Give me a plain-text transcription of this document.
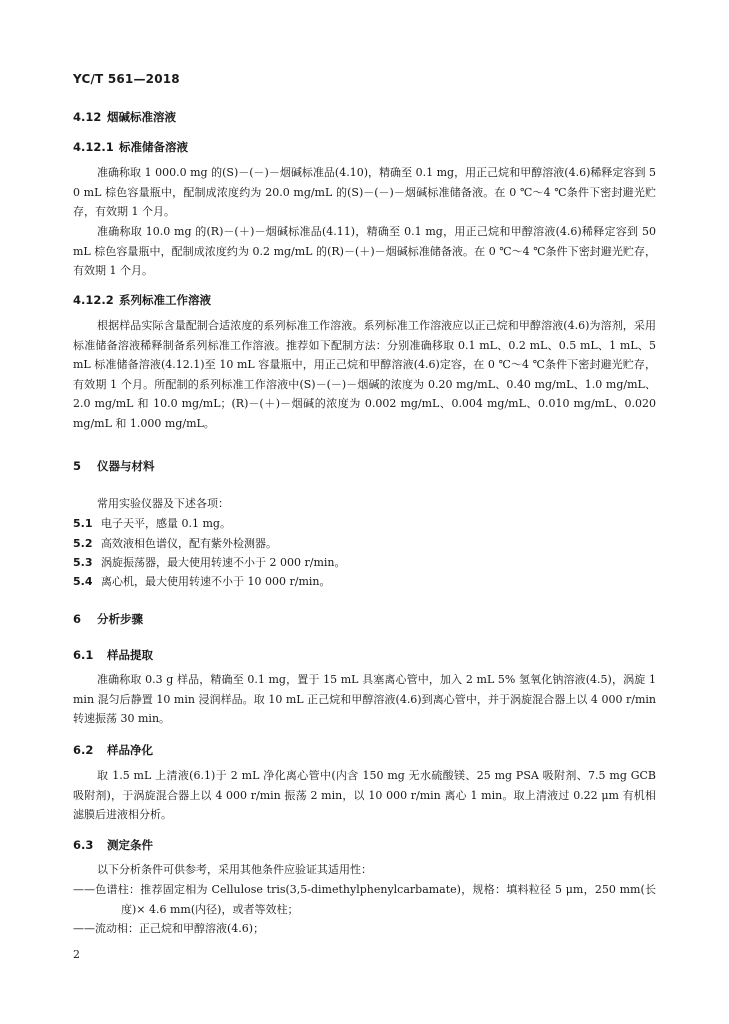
YC/T 561—2018
4.12 烟碱标准溶液
4.12.1 标准储备溶液
准确称取 1 000.0 mg 的(S)－(－)－烟碱标准品(4.10)，精确至 0.1 mg，用正己烷和甲醇溶液(4.6)稀释定容到 50 mL 棕色容量瓶中，配制成浓度约为 20.0 mg/mL 的(S)－(－)－烟碱标准储备液。在 0 ℃～4 ℃条件下密封避光贮存，有效期 1 个月。
准确称取 10.0 mg 的(R)－(＋)－烟碱标准品(4.11)，精确至 0.1 mg，用正己烷和甲醇溶液(4.6)稀释定容到 50 mL 棕色容量瓶中，配制成浓度约为 0.2 mg/mL 的(R)－(＋)－烟碱标准储备液。在 0 ℃～4 ℃条件下密封避光贮存，有效期 1 个月。
4.12.2 系列标准工作溶液
根据样品实际含量配制合适浓度的系列标准工作溶液。系列标准工作溶液应以正己烷和甲醇溶液(4.6)为溶剂，采用标准储备溶液稀释制备系列标准工作溶液。推荐如下配制方法：分别准确移取 0.1 mL、0.2 mL、0.5 mL、1 mL、5 mL 标准储备溶液(4.12.1)至 10 mL 容量瓶中，用正己烷和甲醇溶液(4.6)定容，在 0 ℃～4 ℃条件下密封避光贮存，有效期 1 个月。所配制的系列标准工作溶液中(S)－(－)－烟碱的浓度为 0.20 mg/mL、0.40 mg/mL、1.0 mg/mL、2.0 mg/mL 和 10.0 mg/mL；(R)－(＋)－烟碱的浓度为 0.002 mg/mL、0.004 mg/mL、0.010 mg/mL、0.020 mg/mL 和 1.000 mg/mL。
5 仪器与材料
常用实验仪器及下述各项：
5.1 电子天平，感量 0.1 mg。
5.2 高效液相色谱仪，配有紫外检测器。
5.3 涡旋振荡器，最大使用转速不小于 2 000 r/min。
5.4 离心机，最大使用转速不小于 10 000 r/min。
6 分析步骤
6.1 样品提取
准确称取 0.3 g 样品，精确至 0.1 mg，置于 15 mL 具塞离心管中，加入 2 mL 5% 氢氧化钠溶液(4.5)，涡旋 1 min 混匀后静置 10 min 浸润样品。取 10 mL 正己烷和甲醇溶液(4.6)到离心管中，并于涡旋混合器上以 4 000 r/min 转速振荡 30 min。
6.2 样品净化
取 1.5 mL 上清液(6.1)于 2 mL 净化离心管中(内含 150 mg 无水硫酸镁、25 mg PSA 吸附剂、7.5 mg GCB 吸附剂)，于涡旋混合器上以 4 000 r/min 振荡 2 min，以 10 000 r/min 离心 1 min。取上清液过 0.22 μm 有机相滤膜后进液相分析。
6.3 测定条件
以下分析条件可供参考，采用其他条件应验证其适用性：
——色谱柱：推荐固定相为 Cellulose tris(3,5-dimethylphenylcarbamate)，规格：填料粒径 5 μm，250 mm(长度)× 4.6 mm(内径)，或者等效柱；
——流动相：正己烷和甲醇溶液(4.6)；
2
